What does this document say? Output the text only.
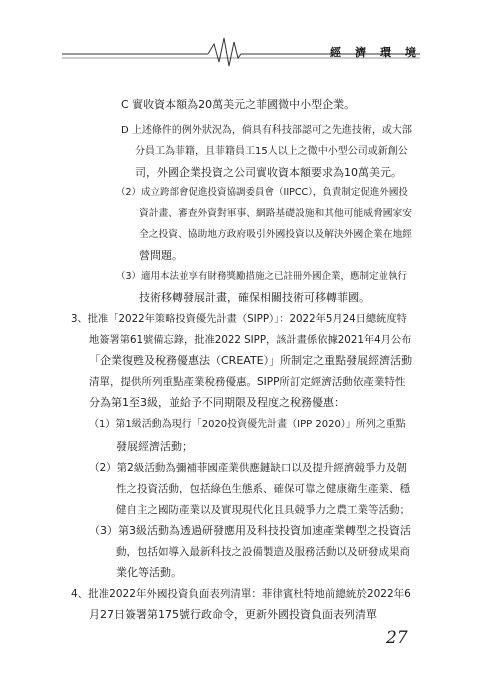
經 濟 環 境
C 實收資本額為20萬美元之菲國微中小型企業。
D 上述條件的例外狀況為，倘具有科技部認可之先進技術，或大部
分員工為菲籍，且菲籍員工15人以上之微中小型公司或新創公
司，外國企業投資之公司實收資本額要求為10萬美元。
（2）成立跨部會促進投資協調委員會（IIPCC），負責制定促進外國投
資計畫、審查外資對軍事、網路基礎設施和其他可能威脅國家安
全之投資、協助地方政府吸引外國投資以及解決外國企業在地經
營問題。
（3）適用本法並享有財務獎勵措施之已註冊外國企業，應制定並執行
技術移轉發展計畫，確保相關技術可移轉菲國。
3、批准「2022年策略投資優先計畫（SIPP）」：2022年5月24日總統度特
地簽署第61號備忘錄，批准2022 SIPP，該計畫係依據2021年4月公布
「企業復甦及稅務優惠法（CREATE）」所制定之重點發展經濟活動
清單，提供所列重點產業稅務優惠。SIPP所訂定經濟活動依產業特性
分為第1至3級，並給予不同期限及程度之稅務優惠：
（1）第1級活動為現行「2020投資優先計畫（IPP 2020）」所列之重點
發展經濟活動；
（2）第2級活動為彌補菲國產業供應鏈缺口以及提升經濟競爭力及韌
性之投資活動，包括綠色生態系、確保可靠之健康衛生產業、穩
健自主之國防產業以及實現現代化且具競爭力之農工業等活動；
（3）第3級活動為透過研發應用及科技投資加速產業轉型之投資活
動，包括如導入最新科技之設備製造及服務活動以及研發成果商
業化等活動。
4、批准2022年外國投資負面表列清單：菲律賓杜特地前總統於2022年6
月27日簽署第175號行政命令，更新外國投資負面表列清單
27
